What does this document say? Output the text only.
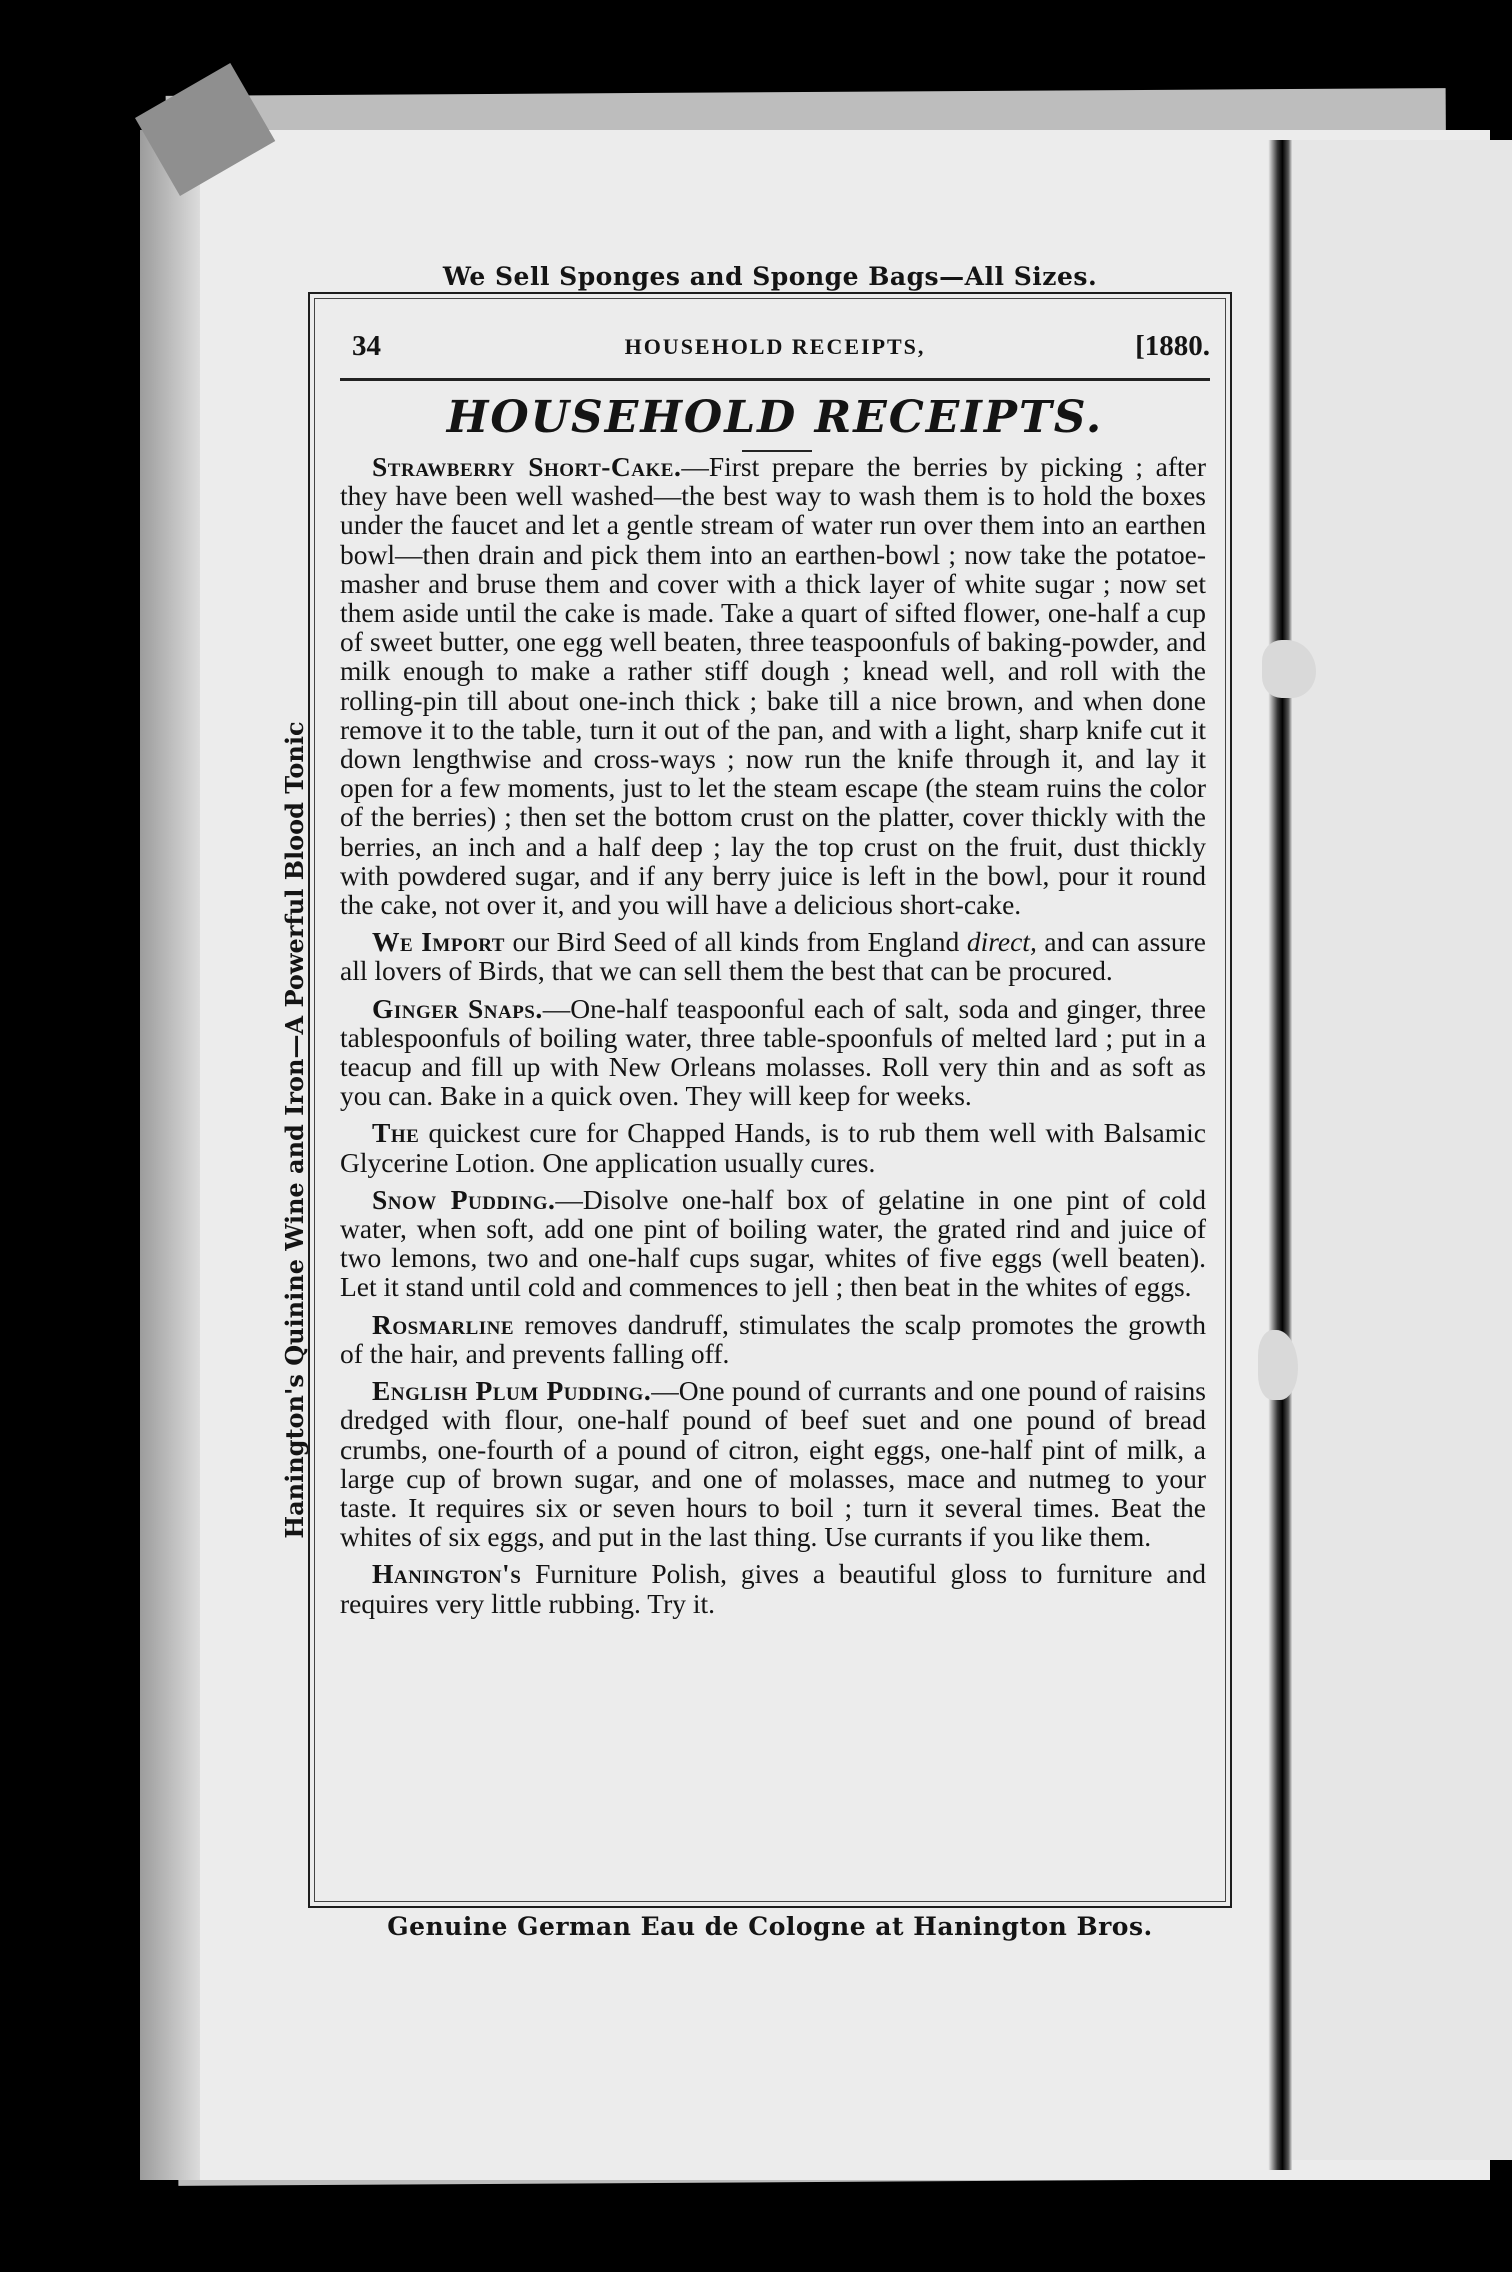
We Sell Sponges and Sponge Bags—All Sizes.
Hanington's Quinine Wine and Iron—A Powerful Blood Tonic
34	HOUSEHOLD RECEIPTS,	[1880.
HOUSEHOLD RECEIPTS.

Strawberry Short-Cake.—First prepare the berries by picking ; after they have been well washed—the best way to wash them is to hold the boxes under the faucet and let a gentle stream of water run over them into an earthen bowl—then drain and pick them into an earthen-bowl ; now take the potatoe-masher and bruse them and cover with a thick layer of white sugar ; now set them aside until the cake is made. Take a quart of sifted flower, one-half a cup of sweet butter, one egg well beaten, three teaspoonfuls of baking-powder, and milk enough to make a rather stiff dough ; knead well, and roll with the rolling-pin till about one-inch thick ; bake till a nice brown, and when done remove it to the table, turn it out of the pan, and with a light, sharp knife cut it down lengthwise and cross-ways ; now run the knife through it, and lay it open for a few moments, just to let the steam escape (the steam ruins the color of the berries) ; then set the bottom crust on the platter, cover thickly with the berries, an inch and a half deep ; lay the top crust on the fruit, dust thickly with powdered sugar, and if any berry juice is left in the bowl, pour it round the cake, not over it, and you will have a delicious short-cake.

We Import our Bird Seed of all kinds from England direct, and can assure all lovers of Birds, that we can sell them the best that can be procured.

Ginger Snaps.—One-half teaspoonful each of salt, soda and ginger, three tablespoonfuls of boiling water, three table-spoonfuls of melted lard ; put in a teacup and fill up with New Orleans molasses. Roll very thin and as soft as you can. Bake in a quick oven. They will keep for weeks.

The quickest cure for Chapped Hands, is to rub them well with Balsamic Glycerine Lotion. One application usually cures.

Snow Pudding.—Disolve one-half box of gelatine in one pint of cold water, when soft, add one pint of boiling water, the grated rind and juice of two lemons, two and one-half cups sugar, whites of five eggs (well beaten). Let it stand until cold and commences to jell ; then beat in the whites of eggs.

Rosmarline removes dandruff, stimulates the scalp promotes the growth of the hair, and prevents falling off.

English Plum Pudding.—One pound of currants and one pound of raisins dredged with flour, one-half pound of beef suet and one pound of bread crumbs, one-fourth of a pound of citron, eight eggs, one-half pint of milk, a large cup of brown sugar, and one of molasses, mace and nutmeg to your taste. It requires six or seven hours to boil ; turn it several times. Beat the whites of six eggs, and put in the last thing. Use currants if you like them.

Hanington's Furniture Polish, gives a beautiful gloss to furniture and requires very little rubbing. Try it.

Genuine German Eau de Cologne at Hanington Bros.
